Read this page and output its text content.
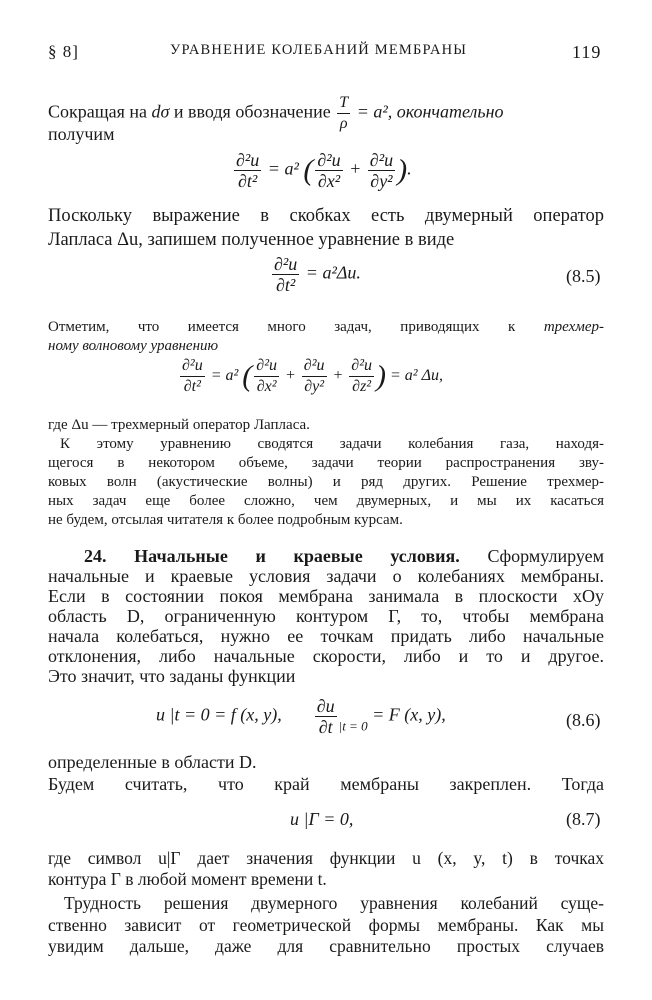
§ 8]	УРАВНЕНИЕ КОЛЕБАНИЙ МЕМБРАНЫ	119
Сокращая на dσ и вводя обозначение $\frac{T}{\rho} = a^2$, окончательно
получим
$\frac{\text{∂²u}}{\text{∂t²}} = a^2$ ( $\frac{\text{∂²u}}{\text{∂x²}} + \frac{\text{∂²u}}{\text{∂y²}}$ ).
Поскольку выражение в скобках есть двумерный оператор
Лапласа Δu, запишем полученное уравнение в виде
$\frac{\text{∂²u}}{\text{∂t²}} = a^2\Delta u$.	(8.5)
Отметим, что имеется много задач, приводящих к трехмер-
ному волновому уравнению
$\frac{\text{∂²u}}{\text{∂t²}} = a^2$ ( $\frac{\text{∂²u}}{\text{∂x²}} + \frac{\text{∂²u}}{\text{∂y²}} + \frac{\text{∂²u}}{\text{∂z²}}$ ) = a² Δu,
где Δu — трехмерный оператор Лапласа.
К этому уравнению сводятся задачи колебания газа, находя-
щегося в некотором объеме, задачи теории распространения зву-
ковых волн (акустические волны) и ряд других. Решение трехмер-
ных задач еще более сложно, чем двумерных, и мы их касаться
не будем, отсылая читателя к более подробным курсам.
24. Начальные и краевые условия. Сформулируем
начальные и краевые условия задачи о колебаниях мембраны.
Если в состоянии покоя мембрана занимала в плоскости xOy
область D, ограниченную контуром Г, то, чтобы мембрана
начала колебаться, нужно ее точкам придать либо начальные
отклонения, либо начальные скорости, либо и то и другое.
Это значит, что заданы функции
u |t = 0 = f (x, y), $\frac{\partial u}{\partial t} _{|t = 0} = F$ (x, y),	(8.6)
определенные в области D.
Будем считать, что край мембраны закреплен. Тогда
u |Г = 0,	(8.7)
где символ u|Г дает значения функции u (x, y, t) в точках
контура Г в любой момент времени t.
Трудность решения двумерного уравнения колебаний суще-
ственно зависит от геометрической формы мембраны. Как мы
увидим дальше, даже для сравнительно простых случаев
